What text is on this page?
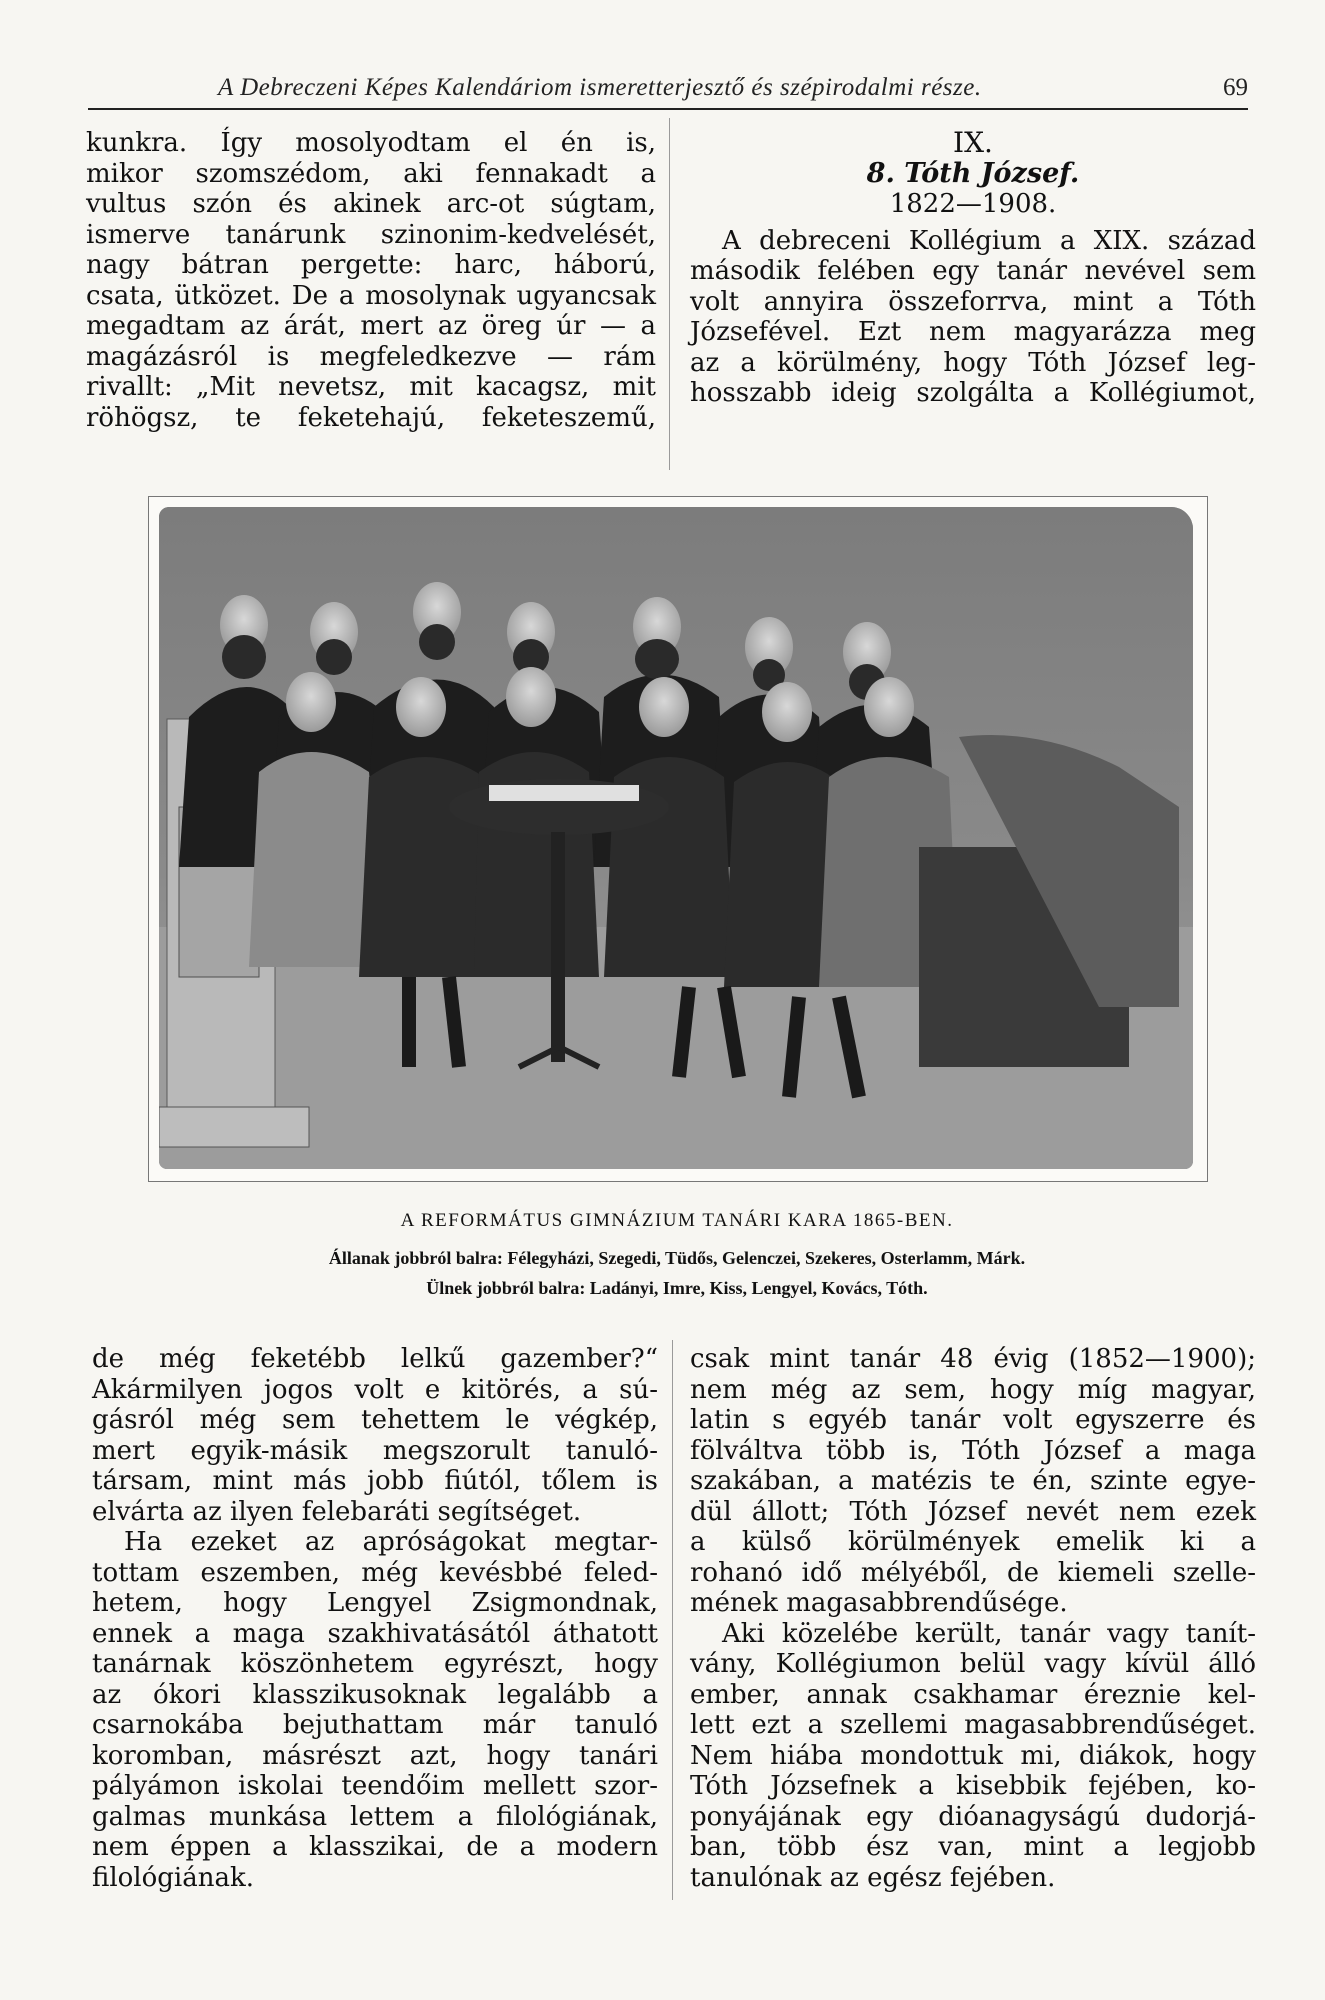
A Debreczeni Képes Kalendáriom ismeretterjesztő és szépirodalmi része.	69
kunkra. Így mosolyodtam el én is,
mikor szomszédom, aki fennakadt a
vultus szón és akinek arc-ot súgtam,
ismerve tanárunk szinonim-kedvelését,
nagy bátran pergette: harc, háború,
csata, ütközet. De a mosolynak ugyancsak
megadtam az árát, mert az öreg úr — a
magázásról is megfeledkezve — rám
rivallt: „Mit nevetsz, mit kacagsz, mit
röhögsz, te feketehajú, feketeszemű,
IX.
8. Tóth József.
1822—1908.
A debreceni Kollégium a XIX. század
második felében egy tanár nevével sem
volt annyira összeforrva, mint a Tóth
Józsefével. Ezt nem magyarázza meg
az a körülmény, hogy Tóth József leg-
hosszabb ideig szolgálta a Kollégiumot,
A REFORMÁTUS GIMNÁZIUM TANÁRI KARA 1865-BEN.
Állanak jobbról balra: Félegyházi, Szegedi, Tüdős, Gelenczei, Szekeres, Osterlamm, Márk.
Ülnek jobbról balra: Ladányi, Imre, Kiss, Lengyel, Kovács, Tóth.
de még feketébb lelkű gazember?“
Akármilyen jogos volt e kitörés, a sú-
gásról még sem tehettem le végkép,
mert egyik-másik megszorult tanuló-
társam, mint más jobb fiútól, tőlem is
elvárta az ilyen felebaráti segítséget.
Ha ezeket az apróságokat megtar-
tottam eszemben, még kevésbbé feled-
hetem, hogy Lengyel Zsigmondnak,
ennek a maga szakhivatásától áthatott
tanárnak köszönhetem egyrészt, hogy
az ókori klasszikusoknak legalább a
csarnokába bejuthattam már tanuló
koromban, másrészt azt, hogy tanári
pályámon iskolai teendőim mellett szor-
galmas munkása lettem a filológiának,
nem éppen a klasszikai, de a modern
filológiának.
csak mint tanár 48 évig (1852—1900);
nem még az sem, hogy míg magyar,
latin s egyéb tanár volt egyszerre és
fölváltva több is, Tóth József a maga
szakában, a matézis te én, szinte egye-
dül állott; Tóth József nevét nem ezek
a külső körülmények emelik ki a
rohanó idő mélyéből, de kiemeli szelle-
mének magasabbrendűsége.
Aki közelébe került, tanár vagy tanít-
vány, Kollégiumon belül vagy kívül álló
ember, annak csakhamar éreznie kel-
lett ezt a szellemi magasabbrendűséget.
Nem hiába mondottuk mi, diákok, hogy
Tóth Józsefnek a kisebbik fejében, ko-
ponyájának egy dióanagyságú dudorjá-
ban, több ész van, mint a legjobb
tanulónak az egész fejében.
